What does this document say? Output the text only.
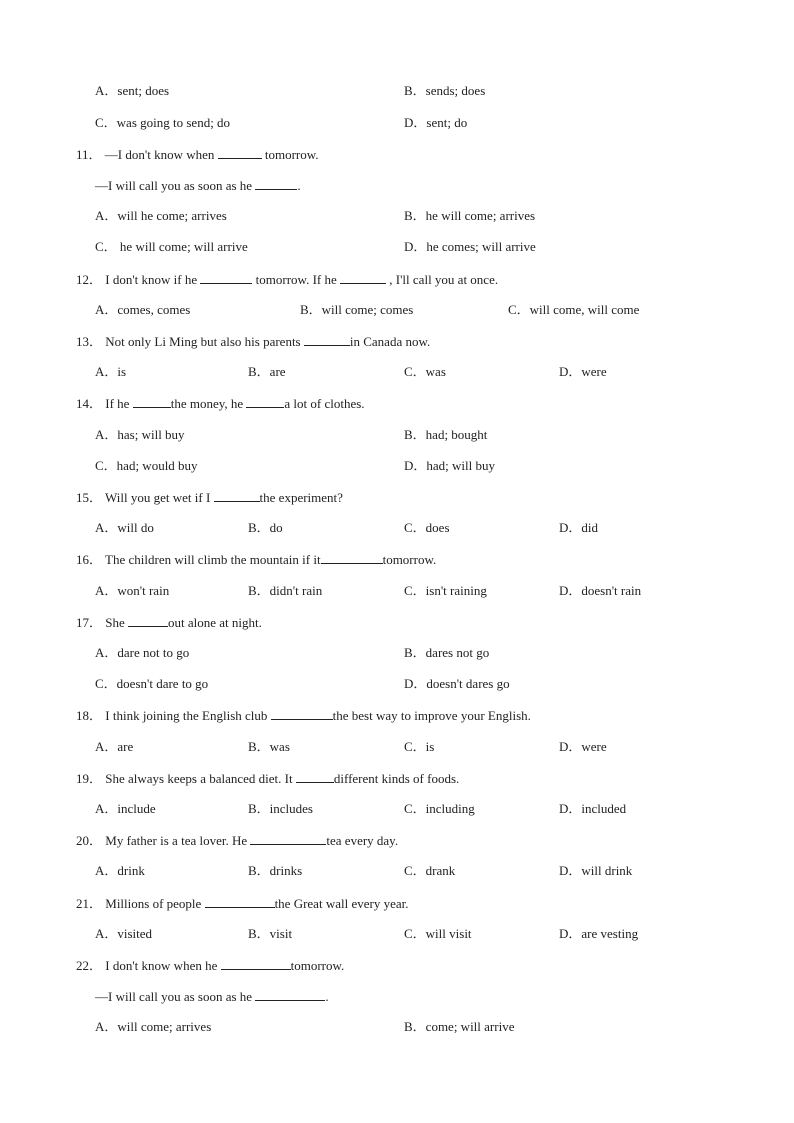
A．sent; does	B．sends; does
C．was going to send; do	D．sent; do
11． —I don't know when	tomorrow.
—I will call you as soon as he	.
A．will he come; arrives	B．he will come; arrives
C． he will come; will arrive	D．he comes; will arrive
12． I don't know if he	tomorrow. If he	, I'll call you at once.
A．comes, comes	B．will come; comes	C．will come, will come
13． Not only Li Ming but also his parents	in Canada now.
A．is	B．are	C．was	D．were
14． If he	the money, he	a lot of clothes.
A．has; will buy	B．had; bought
C．had; would buy	D．had; will buy
15． Will you get wet if I	the experiment?
A．will do	B．do	C．does	D．did
16． The children will climb the mountain if it	tomorrow.
A．won't rain	B．didn't rain	C．isn't raining	D．doesn't rain
17． She	out alone at night.
A．dare not to go	B．dares not go
C．doesn't dare to go	D．doesn't dares go
18． I think joining the English club	the best way to improve your English.
A．are	B．was	C．is	D．were
19． She always keeps a balanced diet. It	different kinds of foods.
A．include	B．includes	C．including	D．included
20． My father is a tea lover. He	tea every day.
A．drink	B．drinks	C．drank	D．will drink
21． Millions of people	the Great wall every year.
A．visited	B．visit	C．will visit	D．are vesting
22． I don't know when he	tomorrow.
—I will call you as soon as he	.
A．will come; arrives	B．come; will arrive
